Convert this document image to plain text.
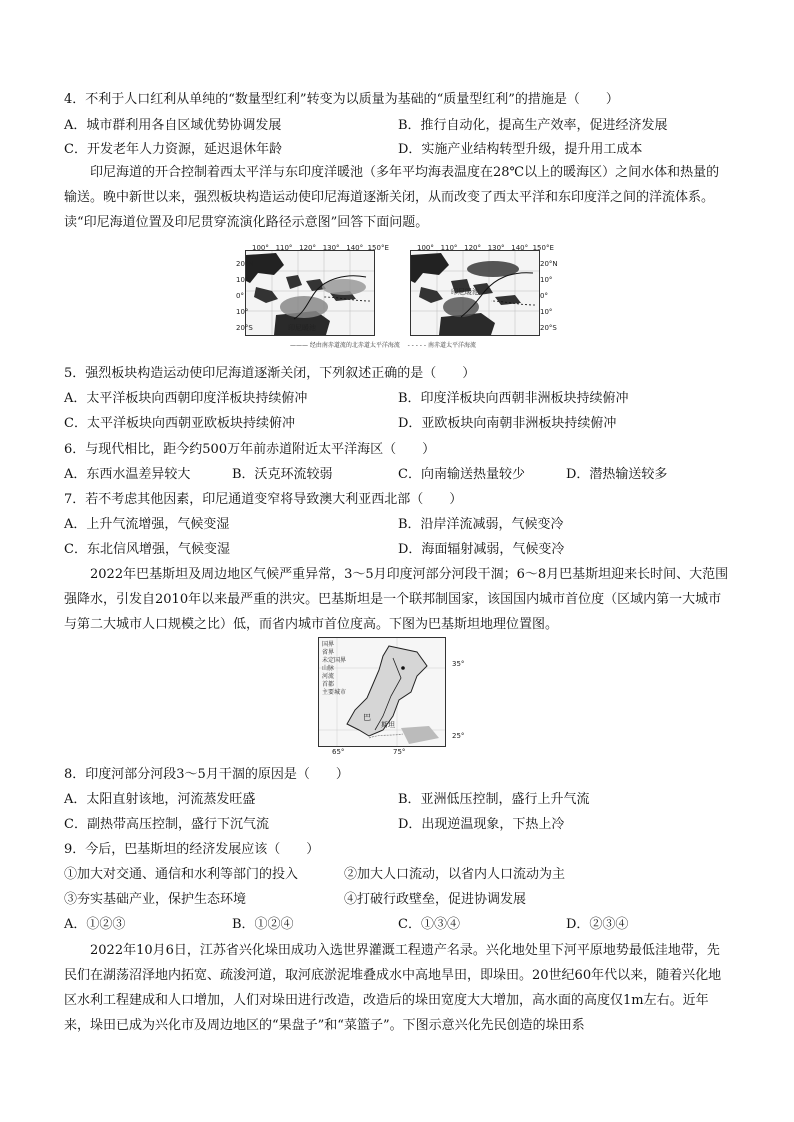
4．不利于人口红利从单纯的“数量型红利”转变为以质量为基础的“质量型红利”的措施是（　　）
A．城市群利用各自区域优势协调发展	B．推行自动化，提高生产效率，促进经济发展
C．开发老年人力资源，延迟退休年龄	D．实施产业结构转型升级，提升用工成本
印尼海道的开合控制着西太平洋与东印度洋暖池（多年平均海表温度在28℃以上的暖海区）之间水体和热量的输送。晚中新世以来，强烈板块构造运动使印尼海道逐渐关闭，从而改变了西太平洋和东印度洋之间的洋流体系。读“印尼海道位置及印尼贯穿流演化路径示意图”回答下面问题。
印尼暖池
印尼暖池
100° 110° 120° 130° 140° 150°E
20°N
10°
0°
10°
20°S
100° 110° 120° 130° 140° 150°E
20°N
10°
0°
10°
20°S
——— 经由南赤道流的北赤道太平洋海流 - - - - - 南赤道太平洋海流
5．强烈板块构造运动使印尼海道逐渐关闭，下列叙述正确的是（　　）
A．太平洋板块向西朝印度洋板块持续俯冲	B．印度洋板块向西朝非洲板块持续俯冲
C．太平洋板块向西朝亚欧板块持续俯冲	D．亚欧板块向南朝非洲板块持续俯冲
6．与现代相比，距今约500万年前赤道附近太平洋海区（　　）
A．东西水温差异较大	B．沃克环流较弱	C．向南输送热量较少	D．潜热输送较多
7．若不考虑其他因素，印尼通道变窄将导致澳大利亚西北部（　　）
A．上升气流增强，气候变湿	B．沿岸洋流减弱，气候变冷
C．东北信风增强，气候变湿	D．海面辐射减弱，气候变冷
2022年巴基斯坦及周边地区气候严重异常，3～5月印度河部分河段干涸；6～8月巴基斯坦迎来长时间、大范围强降水，引发自2010年以来最严重的洪灾。巴基斯坦是一个联邦制国家，该国国内城市首位度（区域内第一大城市与第二大城市人口规模之比）低，而省内城市首位度高。下图为巴基斯坦地理位置图。
国界
省界
未定国界
山脉
河流
首都
主要城市
巴
斯坦
35°
25°
65°	75°
8．印度河部分河段3～5月干涸的原因是（　　）
A．太阳直射该地，河流蒸发旺盛	B．亚洲低压控制，盛行上升气流
C．副热带高压控制，盛行下沉气流	D．出现逆温现象，下热上冷
9．今后，巴基斯坦的经济发展应该（　　）
①加大对交通、通信和水利等部门的投入	②加大人口流动，以省内人口流动为主
③夯实基础产业，保护生态环境	④打破行政壁垒，促进协调发展
A．①②③	B．①②④	C．①③④	D．②③④
2022年10月6日，江苏省兴化垛田成功入选世界灌溉工程遗产名录。兴化地处里下河平原地势最低洼地带，先民们在湖荡沼泽地内拓宽、疏浚河道，取河底淤泥堆叠成水中高地旱田，即垛田。20世纪60年代以来，随着兴化地区水利工程建成和人口增加，人们对垛田进行改造，改造后的垛田宽度大大增加，高水面的高度仅1m左右。近年来，垛田已成为兴化市及周边地区的“果盘子”和“菜篮子”。下图示意兴化先民创造的垛田系
